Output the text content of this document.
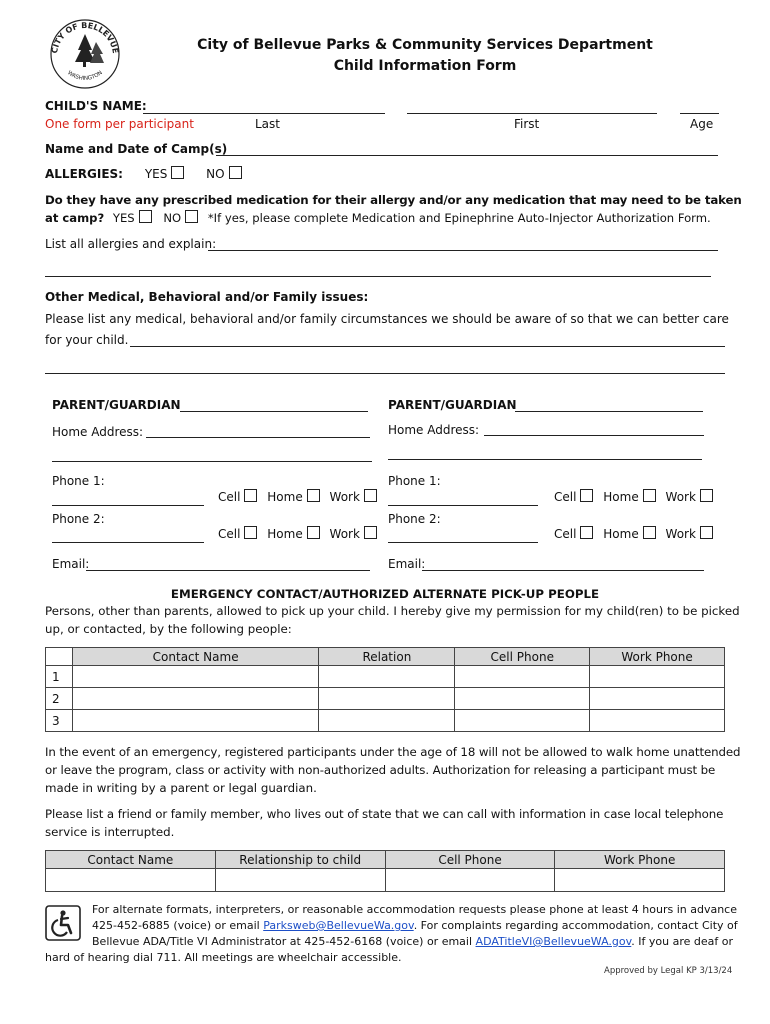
CITY OF BELLEVUE
WASHINGTON
City of Bellevue Parks & Community Services Department
Child Information Form
CHILD'S NAME:
One form per participant	Last	First	Age
Name and Date of Camp(s)
ALLERGIES: YES	NO
Do they have any prescribed medication for their allergy and/or any medication that may need to be taken
at camp? YES NO *If yes, please complete Medication and Epinephrine Auto-Injector Authorization Form.
List all allergies and explain:
Other Medical, Behavioral and/or Family issues:
Please list any medical, behavioral and/or family circumstances we should be aware of so that we can better care
for your child.
PARENT/GUARDIAN
Home Address:
Phone 1:
Cell Home Work
Phone 2:
Cell Home Work
Email:
PARENT/GUARDIAN
Home Address:
Phone 1:
Cell Home Work
Phone 2:
Cell Home Work
Email:
EMERGENCY CONTACT/AUTHORIZED ALTERNATE PICK-UP PEOPLE
Persons, other than parents, allowed to pick up your child. I hereby give my permission for my child(ren) to be picked
up, or contacted, by the following people:
	Contact Name	Relation	Cell Phone	Work Phone
1				
2				
3				
In the event of an emergency, registered participants under the age of 18 will not be allowed to walk home unattended
or leave the program, class or activity with non-authorized adults. Authorization for releasing a participant must be
made in writing by a parent or legal guardian.
Please list a friend or family member, who lives out of state that we can call with information in case local telephone
service is interrupted.
Contact Name	Relationship to child	Cell Phone	Work Phone

For alternate formats, interpreters, or reasonable accommodation requests please phone at least 4 hours in advance
425-452-6885 (voice) or email Parksweb@BellevueWa.gov. For complaints regarding accommodation, contact City of
Bellevue ADA/Title VI Administrator at 425-452-6168 (voice) or email ADATitleVI@BellevueWA.gov. If you are deaf or
hard of hearing dial 711. All meetings are wheelchair accessible.
Approved by Legal KP 3/13/24
